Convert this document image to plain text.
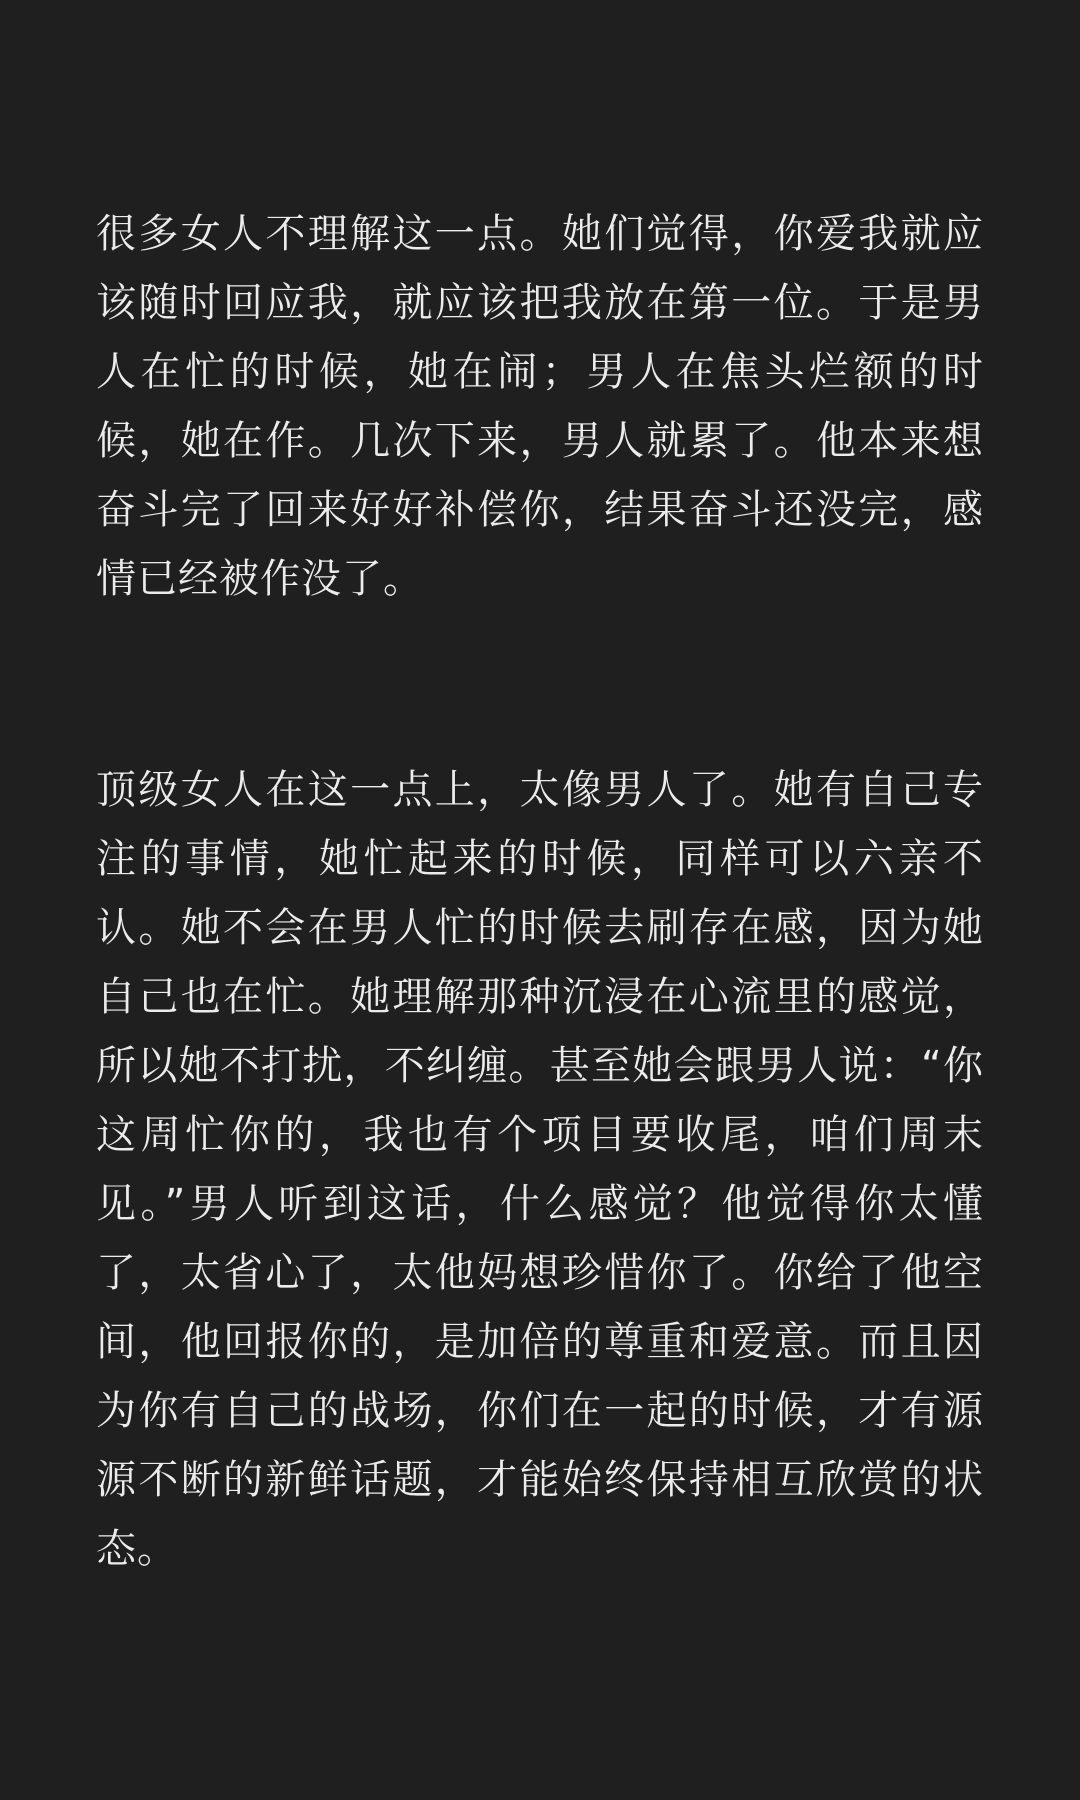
很多女人不理解这一点。她们觉得，你爱我就应该随时回应我，就应该把我放在第一位。于是男人在忙的时候，她在闹；男人在焦头烂额的时候，她在作。几次下来，男人就累了。他本来想奋斗完了回来好好补偿你，结果奋斗还没完，感情已经被作没了。

顶级女人在这一点上，太像男人了。她有自己专注的事情，她忙起来的时候，同样可以六亲不认。她不会在男人忙的时候去刷存在感，因为她自己也在忙。她理解那种沉浸在心流里的感觉，所以她不打扰，不纠缠。甚至她会跟男人说：“你这周忙你的，我也有个项目要收尾，咱们周末见。”男人听到这话，什么感觉？他觉得你太懂了，太省心了，太他妈想珍惜你了。你给了他空间，他回报你的，是加倍的尊重和爱意。而且因为你有自己的战场，你们在一起的时候，才有源源不断的新鲜话题，才能始终保持相互欣赏的状态。
